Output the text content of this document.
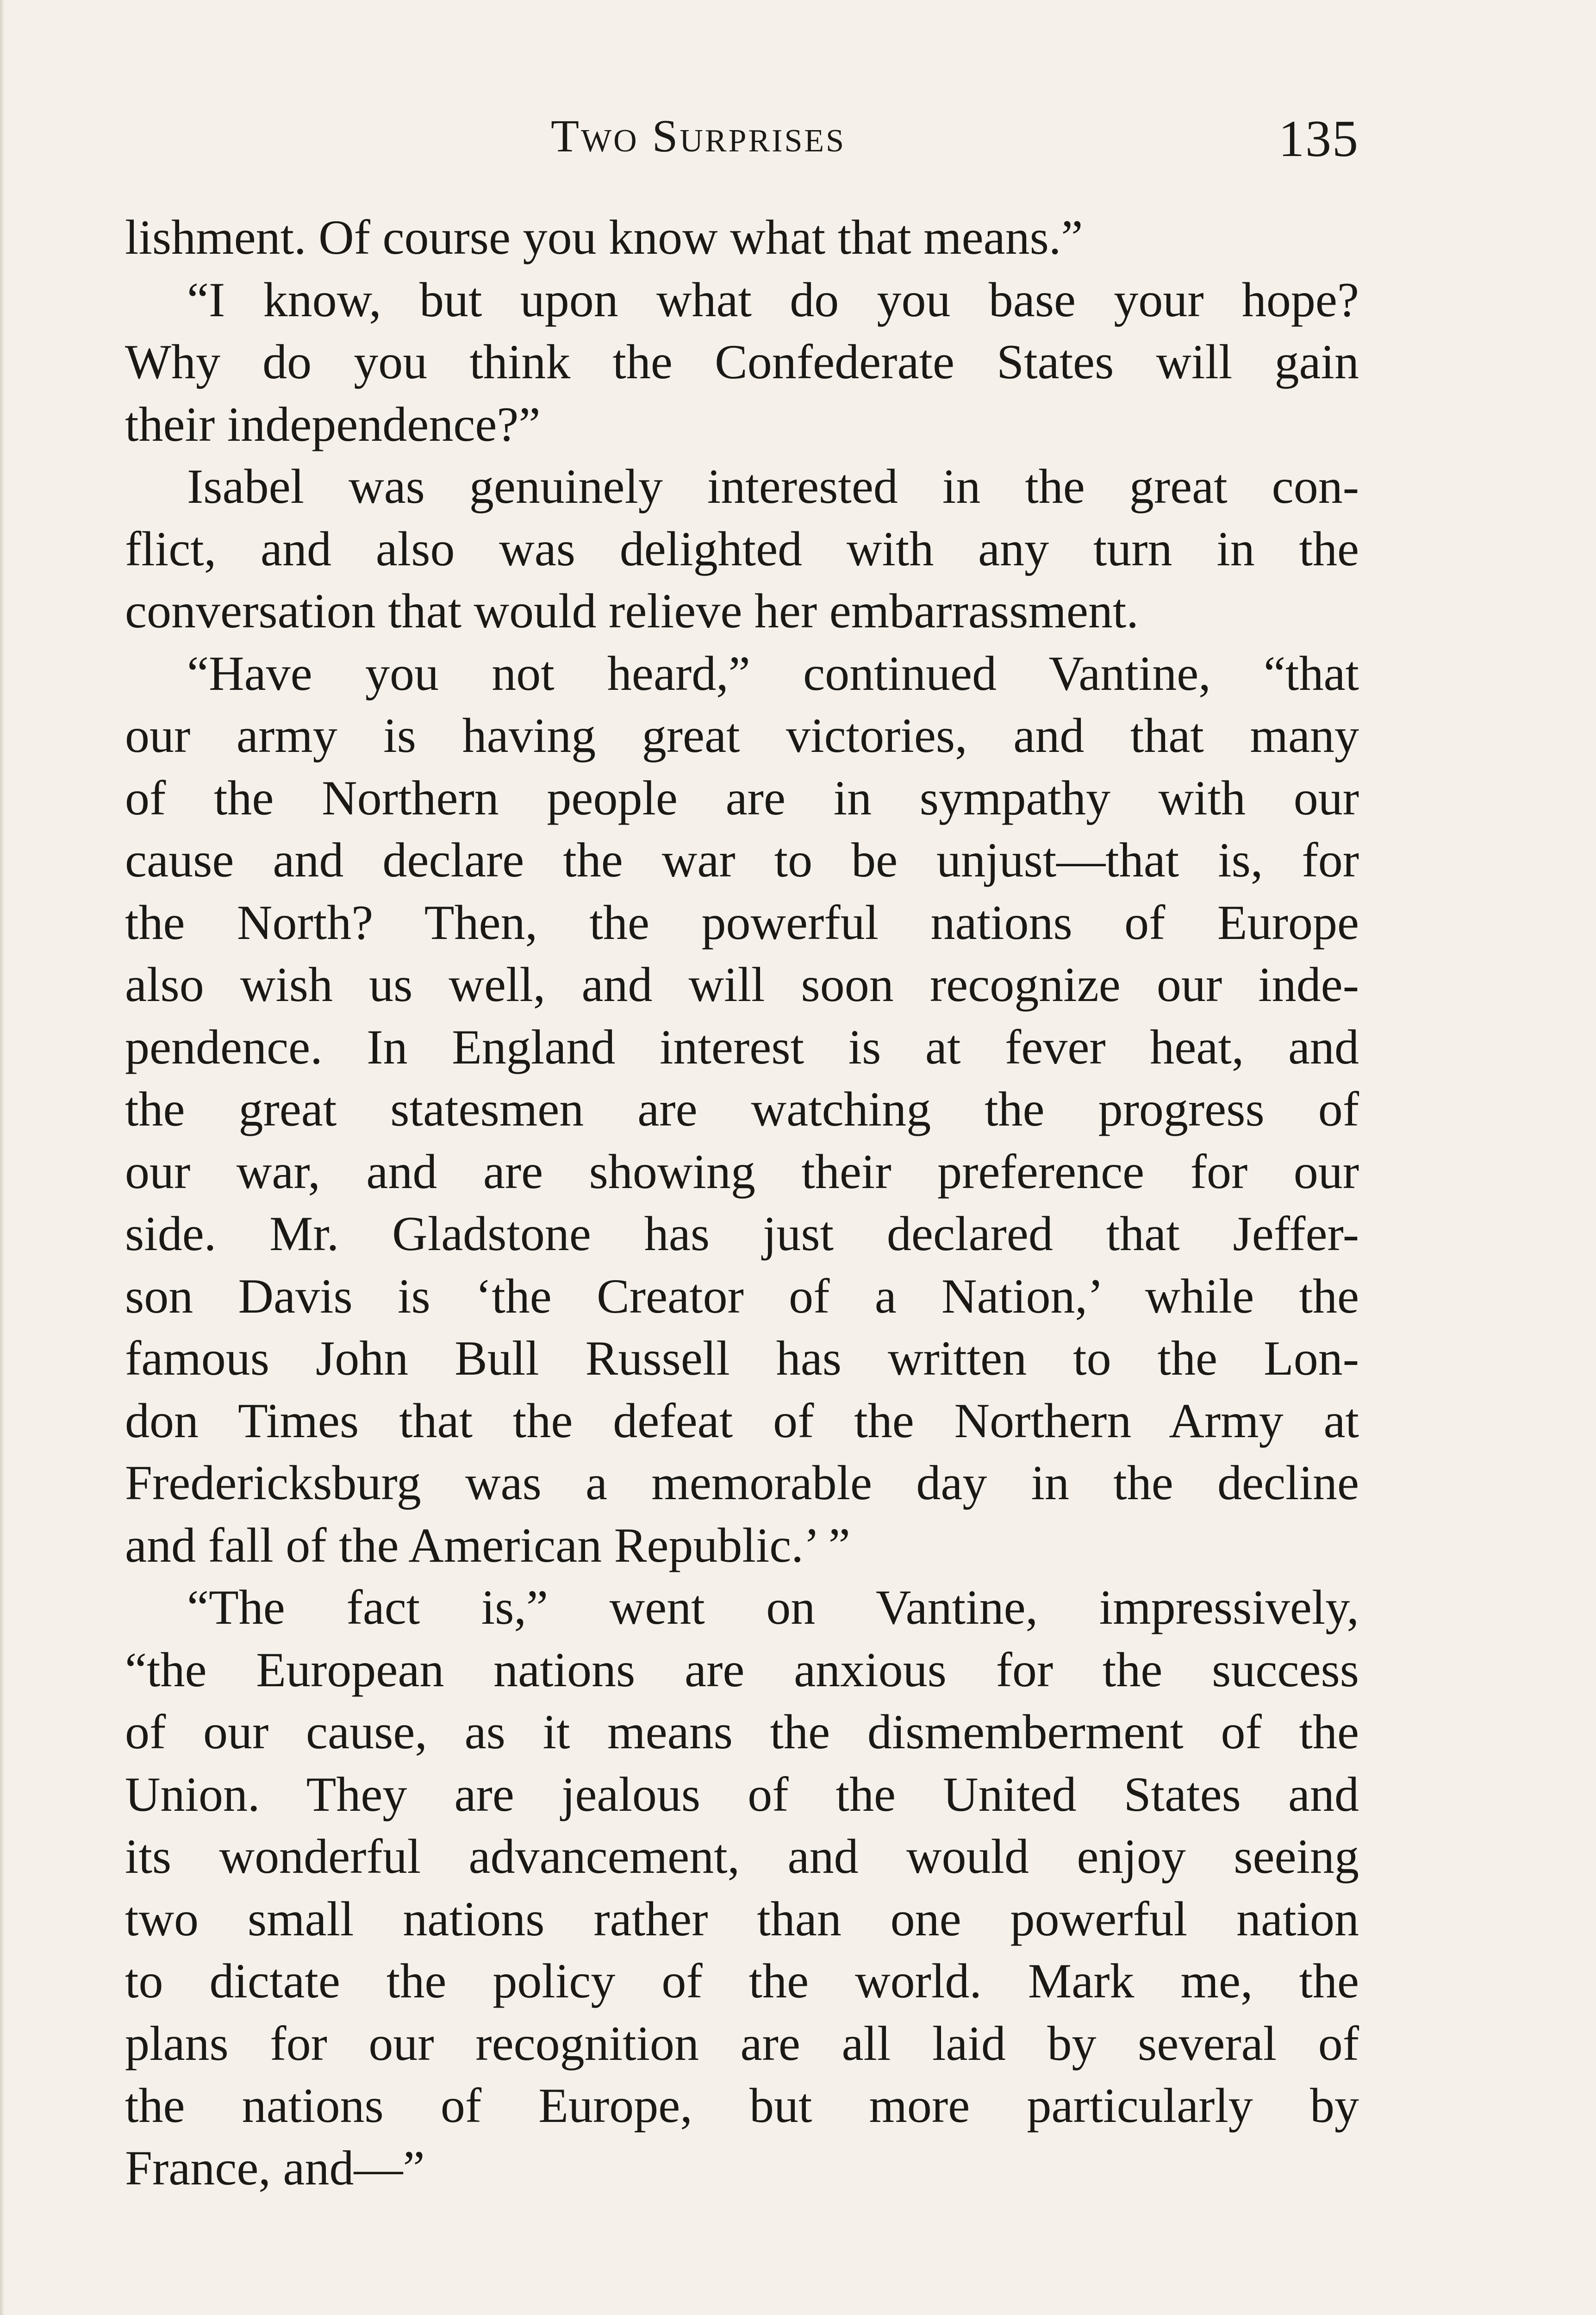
Two Surprises	135
lishment. Of course you know what that means.”
“I know, but upon what do you base your hope?
Why do you think the Confederate States will gain
their independence?”
Isabel was genuinely interested in the great con-
flict, and also was delighted with any turn in the
conversation that would relieve her embarrassment.
“Have you not heard,” continued Vantine, “that
our army is having great victories, and that many
of the Northern people are in sympathy with our
cause and declare the war to be unjust—that is, for
the North? Then, the powerful nations of Europe
also wish us well, and will soon recognize our inde-
pendence. In England interest is at fever heat, and
the great statesmen are watching the progress of
our war, and are showing their preference for our
side. Mr. Gladstone has just declared that Jeffer-
son Davis is ‘the Creator of a Nation,’ while the
famous John Bull Russell has written to the Lon-
don Times that the defeat of the Northern Army at
Fredericksburg was a memorable day in the decline
and fall of the American Republic.’ ”
“The fact is,” went on Vantine, impressively,
“the European nations are anxious for the success
of our cause, as it means the dismemberment of the
Union. They are jealous of the United States and
its wonderful advancement, and would enjoy seeing
two small nations rather than one powerful nation
to dictate the policy of the world. Mark me, the
plans for our recognition are all laid by several of
the nations of Europe, but more particularly by
France, and—”
